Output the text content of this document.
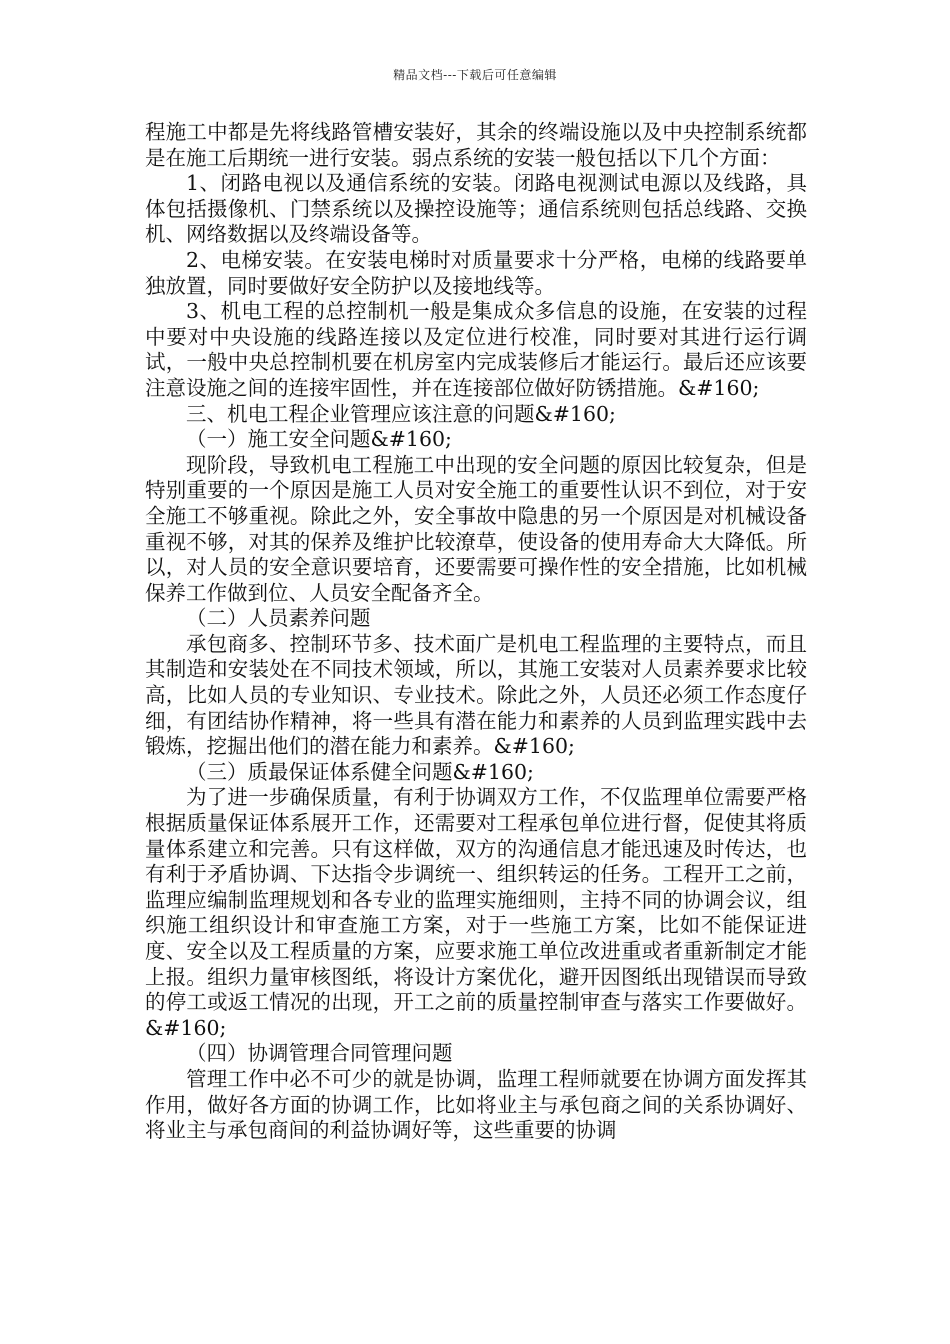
精品文档---下载后可任意编辑

程施工中都是先将线路管槽安装好，其余的终端设施以及中央控制系统都是在施工后期统一进行安装。弱点系统的安装一般包括以下几个方面：

1、闭路电视以及通信系统的安装。闭路电视测试电源以及线路，具体包括摄像机、门禁系统以及操控设施等；通信系统则包括总线路、交换机、网络数据以及终端设备等。

2、电梯安装。在安装电梯时对质量要求十分严格，电梯的线路要单独放置，同时要做好安全防护以及接地线等。

3、机电工程的总控制机一般是集成众多信息的设施，在安装的过程中要对中央设施的线路连接以及定位进行校准，同时要对其进行运行调试，一般中央总控制机要在机房室内完成装修后才能运行。最后还应该要注意设施之间的连接牢固性，并在连接部位做好防锈措施。&#160;

三、机电工程企业管理应该注意的问题&#160;

（一）施工安全问题&#160;

现阶段，导致机电工程施工中出现的安全问题的原因比较复杂，但是特别重要的一个原因是施工人员对安全施工的重要性认识不到位，对于安全施工不够重视。除此之外，安全事故中隐患的另一个原因是对机械设备重视不够，对其的保养及维护比较潦草，使设备的使用寿命大大降低。所以，对人员的安全意识要培育，还要需要可操作性的安全措施，比如机械保养工作做到位、人员安全配备齐全。

（二）人员素养问题

承包商多、控制环节多、技术面广是机电工程监理的主要特点，而且其制造和安装处在不同技术领域，所以，其施工安装对人员素养要求比较高，比如人员的专业知识、专业技术。除此之外，人员还必须工作态度仔细，有团结协作精神，将一些具有潜在能力和素养的人员到监理实践中去锻炼，挖掘出他们的潜在能力和素养。&#160;

（三）质最保证体系健全问题&#160;

为了进一步确保质量，有利于协调双方工作，不仅监理单位需要严格根据质量保证体系展开工作，还需要对工程承包单位进行督，促使其将质量体系建立和完善。只有这样做，双方的沟通信息才能迅速及时传达，也有利于矛盾协调、下达指令步调统一、组织转运的任务。工程开工之前，监理应编制监理规划和各专业的监理实施细则，主持不同的协调会议，组织施工组织设计和审查施工方案，对于一些施工方案，比如不能保证进度、安全以及工程质量的方案，应要求施工单位改进重或者重新制定才能上报。组织力量审核图纸，将设计方案优化，避开因图纸出现错误而导致的停工或返工情况的出现，开工之前的质量控制审查与落实工作要做好。&#160;

（四）协调管理合同管理问题

管理工作中必不可少的就是协调，监理工程师就要在协调方面发挥其作用，做好各方面的协调工作，比如将业主与承包商之间的关系协调好、将业主与承包商间的利益协调好等，这些重要的协调
